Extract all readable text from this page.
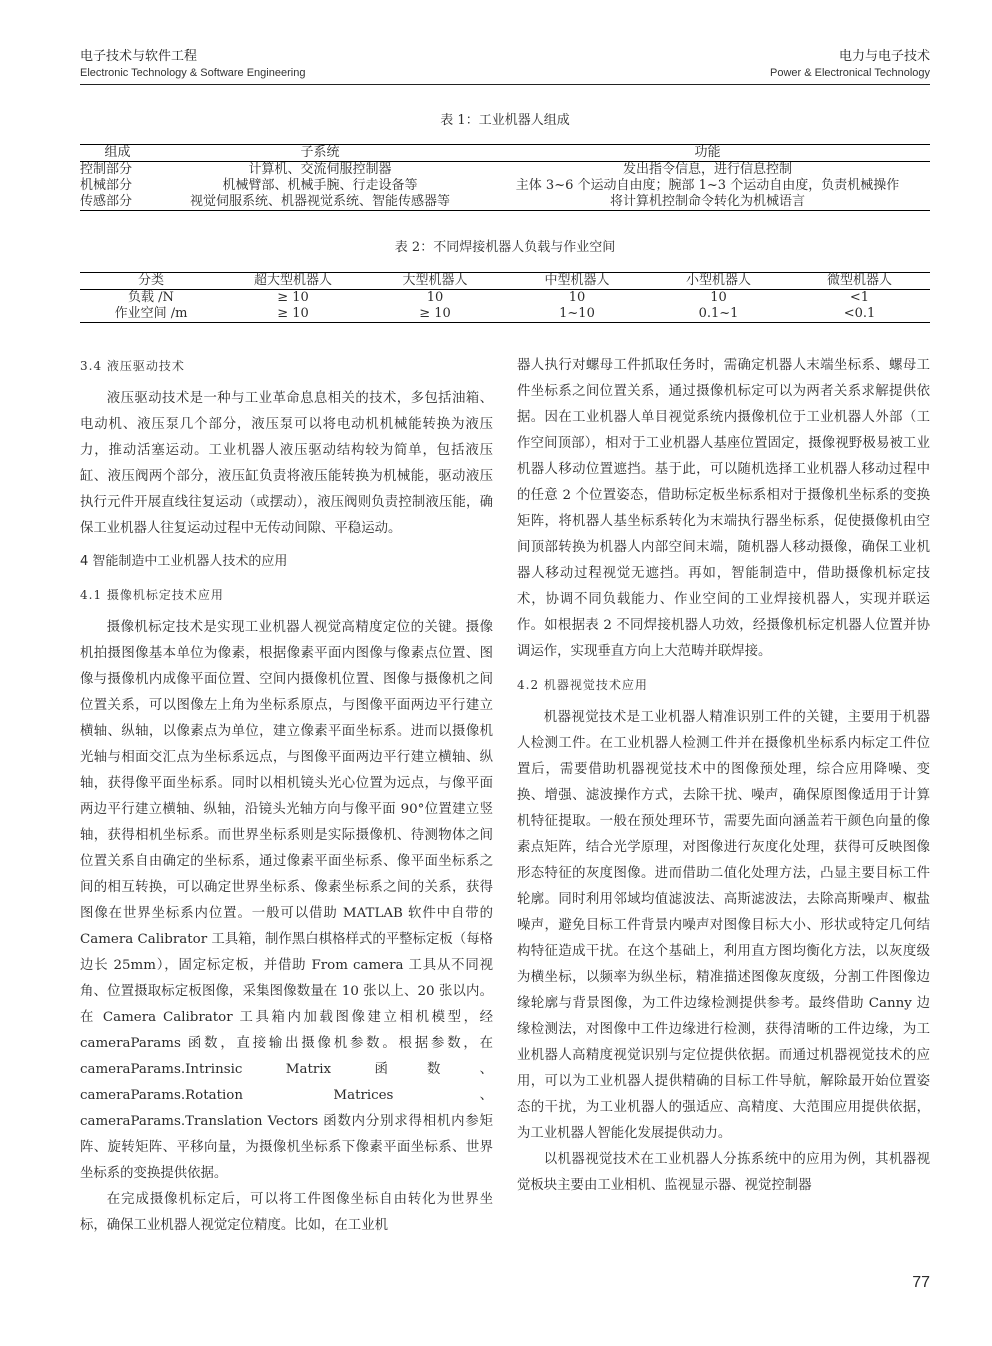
电子技术与软件工程
Electronic Technology & Software Engineering
电力与电子技术
Power & Electronical Technology
表 1：工业机器人组成
组成	子系统	功能
控制部分	计算机、交流伺服控制器	发出指令信息，进行信息控制
机械部分	机械臂部、机械手腕、行走设备等	主体 3~6 个运动自由度；腕部 1~3 个运动自由度，负责机械操作
传感部分	视觉伺服系统、机器视觉系统、智能传感器等	将计算机控制命令转化为机械语言
表 2：不同焊接机器人负载与作业空间
分类	超大型机器人	大型机器人	中型机器人	小型机器人	微型机器人
负载 /N	≥ 10	10	10	10	<1
作业空间 /m	≥ 10	≥ 10	1~10	0.1~1	<0.1
3.4 液压驱动技术

液压驱动技术是一种与工业革命息息相关的技术，多包括油箱、电动机、液压泵几个部分，液压泵可以将电动机机械能转换为液压力，推动活塞运动。工业机器人液压驱动结构较为简单，包括液压缸、液压阀两个部分，液压缸负责将液压能转换为机械能，驱动液压执行元件开展直线往复运动（或摆动），液压阀则负责控制液压能，确保工业机器人往复运动过程中无传动间隙、平稳运动。

4 智能制造中工业机器人技术的应用
4.1 摄像机标定技术应用

摄像机标定技术是实现工业机器人视觉高精度定位的关键。摄像机拍摄图像基本单位为像素，根据像素平面内图像与像素点位置、图像与摄像机内成像平面位置、空间内摄像机位置、图像与摄像机之间位置关系，可以图像左上角为坐标系原点，与图像平面两边平行建立横轴、纵轴，以像素点为单位，建立像素平面坐标系。进而以摄像机光轴与相面交汇点为坐标系远点，与图像平面两边平行建立横轴、纵轴，获得像平面坐标系。同时以相机镜头光心位置为远点，与像平面两边平行建立横轴、纵轴，沿镜头光轴方向与像平面 90°位置建立竖轴，获得相机坐标系。而世界坐标系则是实际摄像机、待测物体之间位置关系自由确定的坐标系，通过像素平面坐标系、像平面坐标系之间的相互转换，可以确定世界坐标系、像素坐标系之间的关系，获得图像在世界坐标系内位置。一般可以借助 MATLAB 软件中自带的 Camera Calibrator 工具箱，制作黑白棋格样式的平整标定板（每格边长 25mm），固定标定板，并借助 From camera 工具从不同视角、位置摄取标定板图像，采集图像数量在 10 张以上、20 张以内。在 Camera Calibrator 工具箱内加载图像建立相机模型，经 cameraParams 函数，直接输出摄像机参数。根据参数，在 cameraParams.Intrinsic Matrix 函数、cameraParams.Rotation Matrices、cameraParams.Translation Vectors 函数内分别求得相机内参矩阵、旋转矩阵、平移向量，为摄像机坐标系下像素平面坐标系、世界坐标系的变换提供依据。

在完成摄像机标定后，可以将工件图像坐标自由转化为世界坐标，确保工业机器人视觉定位精度。比如，在工业机

器人执行对螺母工件抓取任务时，需确定机器人末端坐标系、螺母工件坐标系之间位置关系，通过摄像机标定可以为两者关系求解提供依据。因在工业机器人单目视觉系统内摄像机位于工业机器人外部（工作空间顶部），相对于工业机器人基座位置固定，摄像视野极易被工业机器人移动位置遮挡。基于此，可以随机选择工业机器人移动过程中的任意 2 个位置姿态，借助标定板坐标系相对于摄像机坐标系的变换矩阵，将机器人基坐标系转化为末端执行器坐标系，促使摄像机由空间顶部转换为机器人内部空间末端，随机器人移动摄像，确保工业机器人移动过程视觉无遮挡。再如，智能制造中，借助摄像机标定技术，协调不同负载能力、作业空间的工业焊接机器人，实现并联运作。如根据表 2 不同焊接机器人功效，经摄像机标定机器人位置并协调运作，实现垂直方向上大范畴并联焊接。

4.2 机器视觉技术应用

机器视觉技术是工业机器人精准识别工件的关键，主要用于机器人检测工件。在工业机器人检测工件并在摄像机坐标系内标定工件位置后，需要借助机器视觉技术中的图像预处理，综合应用降噪、变换、增强、滤波操作方式，去除干扰、噪声，确保原图像适用于计算机特征提取。一般在预处理环节，需要先面向涵盖若干颜色向量的像素点矩阵，结合光学原理，对图像进行灰度化处理，获得可反映图像形态特征的灰度图像。进而借助二值化处理方法，凸显主要目标工件轮廓。同时利用邻域均值滤波法、高斯滤波法，去除高斯噪声、椒盐噪声，避免目标工件背景内噪声对图像目标大小、形状或特定几何结构特征造成干扰。在这个基础上，利用直方图均衡化方法，以灰度级为横坐标，以频率为纵坐标，精准描述图像灰度级，分割工件图像边缘轮廓与背景图像，为工件边缘检测提供参考。最终借助 Canny 边缘检测法，对图像中工件边缘进行检测，获得清晰的工件边缘，为工业机器人高精度视觉识别与定位提供依据。而通过机器视觉技术的应用，可以为工业机器人提供精确的目标工件导航，解除最开始位置姿态的干扰，为工业机器人的强适应、高精度、大范围应用提供依据，为工业机器人智能化发展提供动力。

以机器视觉技术在工业机器人分拣系统中的应用为例，其机器视觉板块主要由工业相机、监视显示器、视觉控制器

77
